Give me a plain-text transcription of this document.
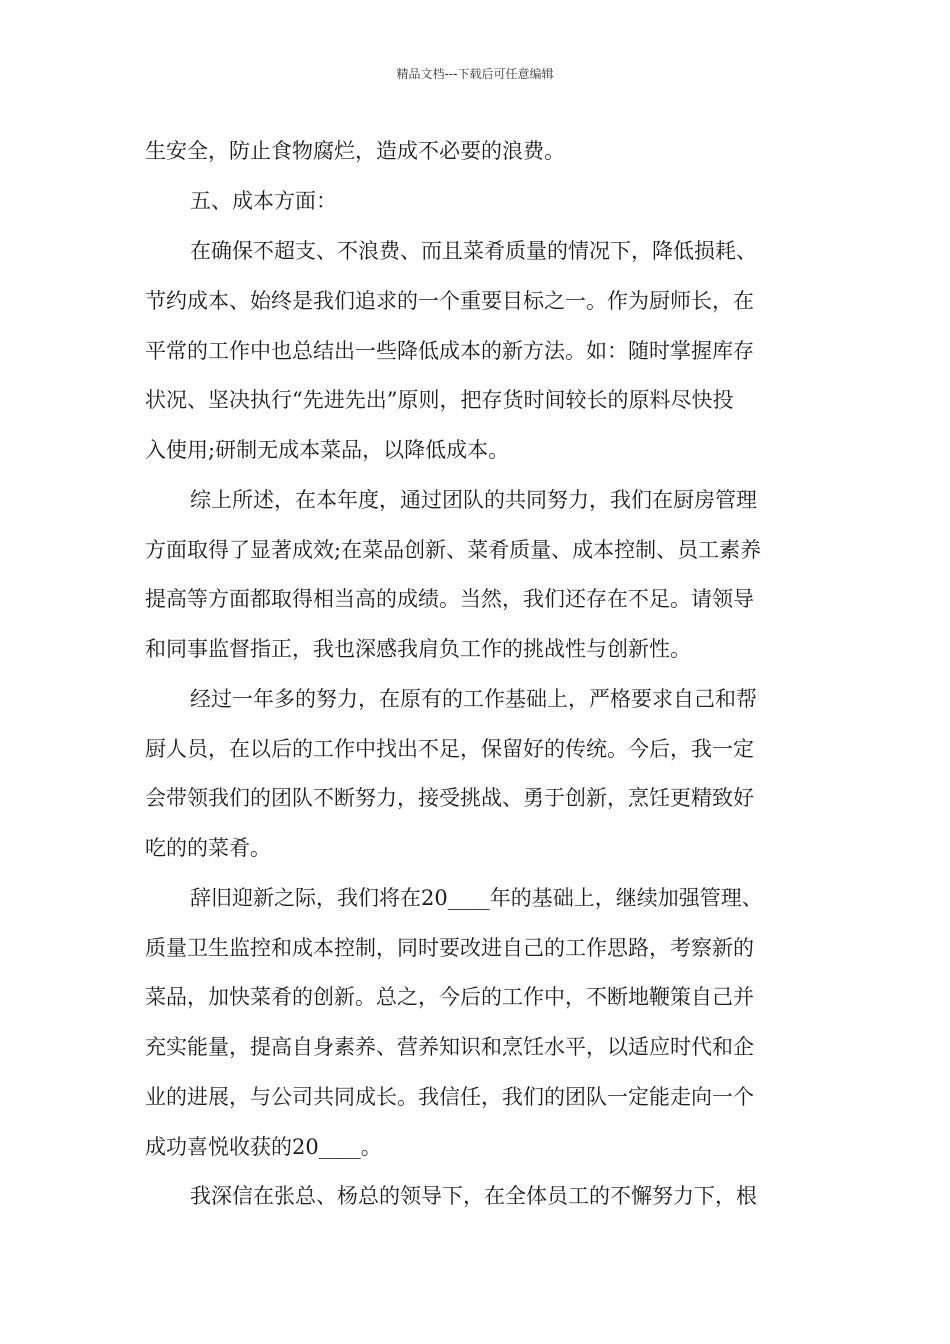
精品文档---下载后可任意编辑
生安全，防止食物腐烂，造成不必要的浪费。
五、成本方面：
在确保不超支、不浪费、而且菜肴质量的情况下，降低损耗、
节约成本、始终是我们追求的一个重要目标之一。作为厨师长，在
平常的工作中也总结出一些降低成本的新方法。如：随时掌握库存
状况、坚决执行“先进先出”原则，把存货时间较长的原料尽快投
入使用;研制无成本菜品，以降低成本。
综上所述，在本年度，通过团队的共同努力，我们在厨房管理
方面取得了显著成效;在菜品创新、菜肴质量、成本控制、员工素养
提高等方面都取得相当高的成绩。当然，我们还存在不足。请领导
和同事监督指正，我也深感我肩负工作的挑战性与创新性。
经过一年多的努力，在原有的工作基础上，严格要求自己和帮
厨人员，在以后的工作中找出不足，保留好的传统。今后，我一定
会带领我们的团队不断努力，接受挑战、勇于创新，烹饪更精致好
吃的的菜肴。
辞旧迎新之际，我们将在20____年的基础上，继续加强管理、
质量卫生监控和成本控制，同时要改进自己的工作思路，考察新的
菜品，加快菜肴的创新。总之，今后的工作中，不断地鞭策自己并
充实能量，提高自身素养、营养知识和烹饪水平，以适应时代和企
业的进展，与公司共同成长。我信任，我们的团队一定能走向一个
成功喜悦收获的20____。
我深信在张总、杨总的领导下，在全体员工的不懈努力下，根
